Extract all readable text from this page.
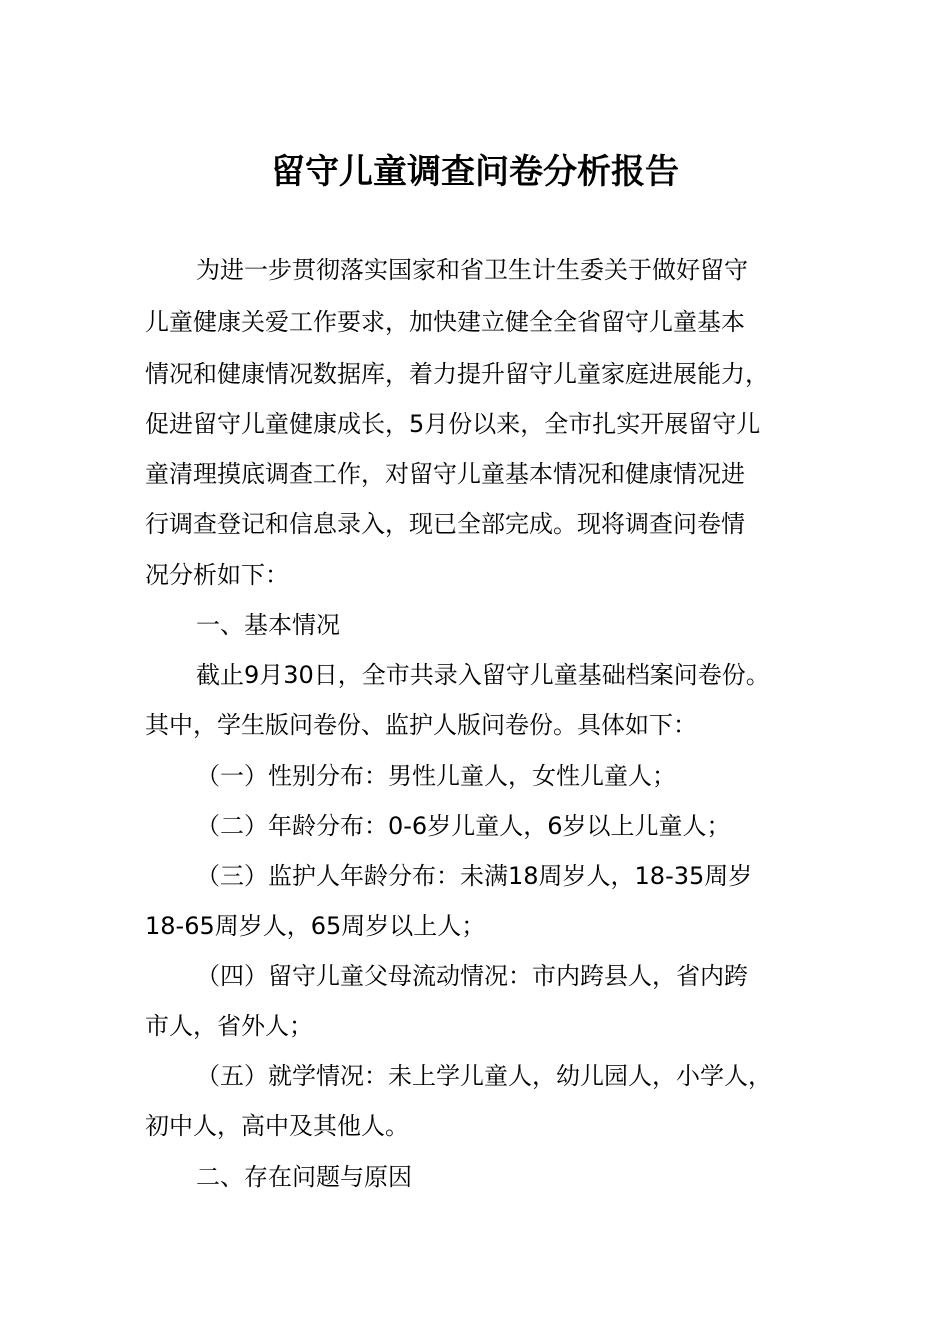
留守儿童调查问卷分析报告
为进一步贯彻落实国家和省卫生计生委关于做好留守
儿童健康关爱工作要求，加快建立健全全省留守儿童基本
情况和健康情况数据库，着力提升留守儿童家庭进展能力，
促进留守儿童健康成长，5月份以来，全市扎实开展留守儿
童清理摸底调查工作，对留守儿童基本情况和健康情况进
行调查登记和信息录入，现已全部完成。现将调查问卷情
况分析如下：
一、基本情况
截止9月30日，全市共录入留守儿童基础档案问卷份。
其中，学生版问卷份、监护人版问卷份。具体如下：
（一）性别分布：男性儿童人，女性儿童人；
（二）年龄分布：0-6岁儿童人，6岁以上儿童人；
（三）监护人年龄分布：未满18周岁人，18-35周岁
18-65周岁人，65周岁以上人；
（四）留守儿童父母流动情况：市内跨县人，省内跨
市人，省外人；
（五）就学情况：未上学儿童人，幼儿园人，小学人，
初中人，高中及其他人。
二、存在问题与原因
